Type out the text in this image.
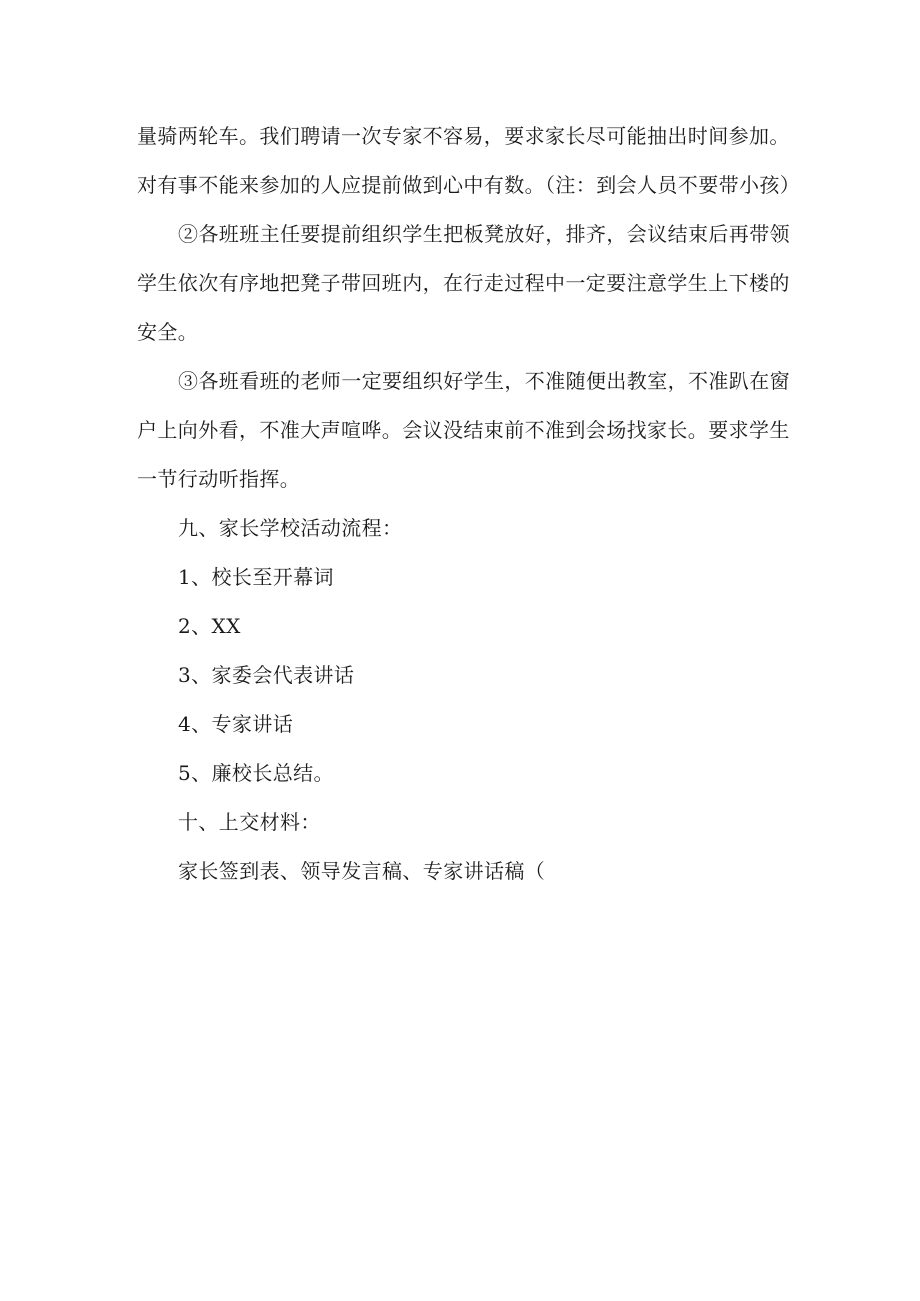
量骑两轮车。我们聘请一次专家不容易，要求家长尽可能抽出时间参加。
对有事不能来参加的人应提前做到心中有数。（注：到会人员不要带小孩）
②各班班主任要提前组织学生把板凳放好，排齐，会议结束后再带领
学生依次有序地把凳子带回班内，在行走过程中一定要注意学生上下楼的
安全。
③各班看班的老师一定要组织好学生，不准随便出教室，不准趴在窗
户上向外看，不准大声喧哗。会议没结束前不准到会场找家长。要求学生
一节行动听指挥。
九、家长学校活动流程：
1、校长至开幕词
2、XX
3、家委会代表讲话
4、专家讲话
5、廉校长总结。
十、上交材料：
家长签到表、领导发言稿、专家讲话稿（
